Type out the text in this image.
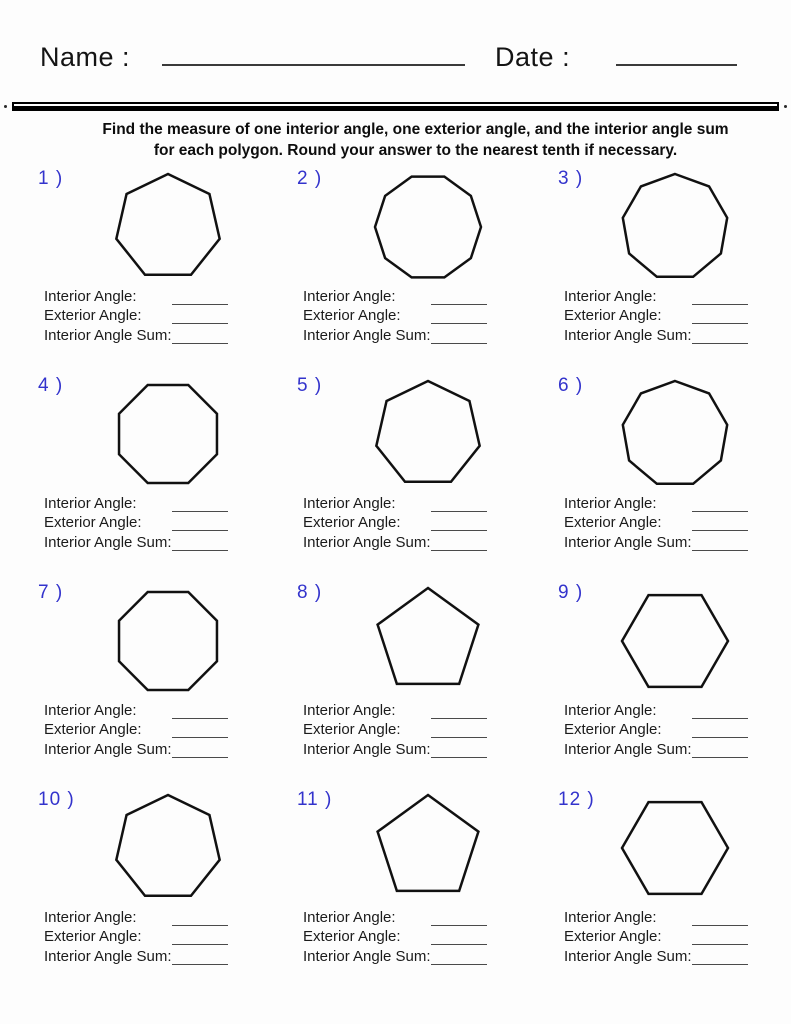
Name :	Date :
Find the measure of one interior angle, one exterior angle, and the interior angle sum
for each polygon. Round your answer to the nearest tenth if necessary.
1 )
Interior Angle:
Exterior Angle:
Interior Angle Sum:
2 )
Interior Angle:
Exterior Angle:
Interior Angle Sum:
3 )
Interior Angle:
Exterior Angle:
Interior Angle Sum:
4 )
Interior Angle:
Exterior Angle:
Interior Angle Sum:
5 )
Interior Angle:
Exterior Angle:
Interior Angle Sum:
6 )
Interior Angle:
Exterior Angle:
Interior Angle Sum:
7 )
Interior Angle:
Exterior Angle:
Interior Angle Sum:
8 )
Interior Angle:
Exterior Angle:
Interior Angle Sum:
9 )
Interior Angle:
Exterior Angle:
Interior Angle Sum:
10 )
Interior Angle:
Exterior Angle:
Interior Angle Sum:
11 )
Interior Angle:
Exterior Angle:
Interior Angle Sum:
12 )
Interior Angle:
Exterior Angle:
Interior Angle Sum:
